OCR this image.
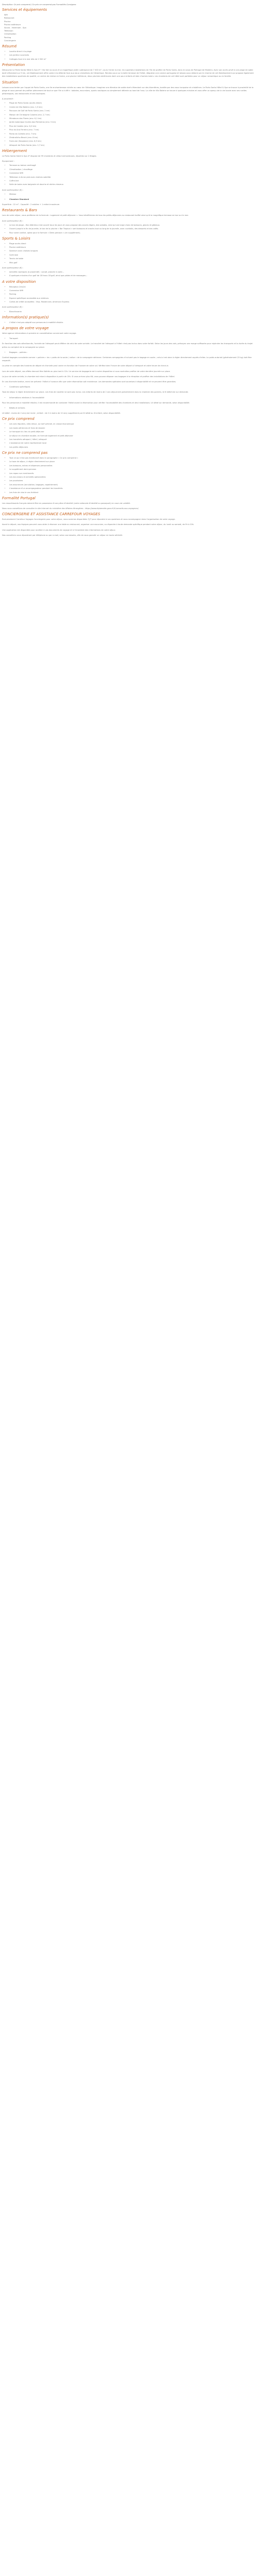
Description: Ce prix comprend / Ce prix ne comprend pas Formalités Consignes

Services et équipements
Wifi
Restaurant
Piscine
Piscine extérieure
Sauna - Hammam - Spa
Télévision
Climatisation
Parking
Conciergerie
Résumé
• Locatio direct à la plage
• Les jardins luxuriants
• Cottages face à la mer dès de 2 500 m²
Présentation

Découvrez Le Porte Santa Hôtel & Spa 4* ! Via fait na cours d'un magnifique jardin subtropical de 7 000 m², cours l'entre la mer, les superbes installations de l'île de profiter de Porto Santo, dans le corps de Portugal de Madeira. Avec son accès privé à une plage de sable doré s'étendant sur 9 km, cet établissement offre cadre à la détente face aux eaux cristallines de l'Atlantique. Rendez-vous sur la belle terrasse de l'hôtel, dégustez une cuisine portugaise et laissez-vous séduire par le charme de cet établissement qui propose également des installations sportives de qualité, un centre de remise en forme, une piscine intérieure, deux piscines extérieures dont une pour enfants et bien d'autres loisirs. Les chambres de cet hôtel sont parfaites pour un séjour romantique ou en famille.

Situation

Laissez-vous tenter par l'appel de Porto Santo, une île enchanteresse nichée au cœur de l'Atlantique. Imaginez une étendue de sable doré s'étendant sur des kilomètres, bordée par des eaux turquoise et cristallines. Le Porto Santo Hôtel & Spa se trouve à proximité de la plage et vous permet de profiter pleinement de tout ce que l'île a à offrir : balades, excursions, sports nautiques ou simplement détente au bord de l'eau. La ville de Vila Baleira se trouve à quelques minutes et vous offre un aperçu de la vie locale avec ses ruelles pittoresques, ses restaurants et ses boutiques.

A proximité :

• Plage de Porto Santo (accès direct)
• Centre de Vila Baleira (env. 1,5 km)
• Parcours de Golf de Porto Santo (env. 2 km)
• Maison de Christophe Colomb (env. 2,7 km)
• Miradouro das Flores (env. 6,1 km)
• Jardin botanique Quinta das Palmeiras (env. 5 km)
• Pico de Castelo (env. 6,3 km)
• Pico do Ana Ferreira (env. 7 km)
• Ponta da Calheta (env. 7 km)
• Zimbralinho Beach (env. 8 km)
• Funicular (Seaplane) (env. 8,5 km)
• Aéroport de Porto Santo (env. 2,7 km)
Hébergement

Le Porto Santo Hotel & Spa 4* dispose de 99 chambres et villas harmonieuses, réparties sur 2 étages.

Équipement :

• Terrasse ou balcon aménagé
• Climatisation / chauffage
• Connexion Wifi
• Télévision à écran plat avec chaînes satellite
• Coffre-fort
• Salle de bains avec baignoire et douche et sèche-cheveux

Avec participation (€) :

• Minibar
• Chambre Standard

Superficie : 22 m² - Capacité : 2 adultes + 1 enfant maximum

Restaurants & Bars

Lors de votre séjour, vous profiterez de la formule : Logement et petit-déjeuner ». Vous bénéficierez de tous les petits-déjeuners au restaurant buffet ainsi qu'à la magnifique terrasse en bar sur le mer.

Avec participation (€) :

• Le bar de plage – Bar Atlântico s'est ouvert tous les jours et vous propose des snacks légers, des salades, ainsi qu'une large choix de boissons, glaces et gâteaux.
• Ouvert jusqu'à la fin de journée, le bar de la piscine « Bar Tropical » sert boissons et snacks tout au long de la journée, avec cocktails, des desserts et des cafés.
• Pour votre confort, optez pour la formule « Demi-pension » (en supplément).
Sports & Loisirs
• Plage accès direct
• Piscine extérieure
• Solarium avec chaises longues
• Gymnase
• Tennis de table
• Mini-golf

Avec participation (€) :

• Activités nautiques (à proximité) : canoë, planche à voile...
• À quelques minutes d'un golf de 18 trous 18 golf, ainsi que pistes et de massages...
A votre disposition
• Réception 24h/24
• Connexion Wifi
• Parking
• Espace spécifique accessible aux visiteurs
• Cartes de crédit acceptées : Visa, Mastercard, American Express

Avec participation (€) :

• Blanchisserie
Information(s) pratique(s)
• L'hôtel n'est pas adapté aux personnes à mobilité réduite.
A propos de votre voyage

Votre agence informations à prendre en considération concernant votre voyage.

• Transport

En fonction des vols sélectionnés, l'arrivée de l'aéroport peut différer de celui de votre arrivée. Le transfert de l'aéroport à l'hôtel n'est pas inclus dans votre forfait. Selon les jours des vols, prévoyez une marge suffisante pour rejoindre les transports et la durée du trajet prévu au comptoir de la compagnie sur place.

• Bagages – policies :

Contrat bagages cumulable comme « policies » les « poids de la soute / valise » de la compagnie aérienne. Certaines compagnies n'incluent pas le bagage en soute ; celui-ci est alors à régler directement auprès d'elles. Le poids autorisé (généralement 23 kg) doit être respecté.

La prise en compte des horaires de départ et d'arrivée peut varier en fonction de l'horaire de votre vol. Vérifiez bien l'heure de votre départ à l'aéroport et votre heure de check-in.

Lors de votre départ, vos effets devront être libérés au plus tard à 12h. Un service de bagagerie est à votre disposition si vous souhaitez profiter de votre dernière journée sur place.

Le jour de votre arrivée, la chambre est mise à disposition à partir de 15h. Si vous arrivez plus tôt, vous pouvez déposer vos bagages à la réception et profiter des installations de l'hôtel.

En cas d'arrivée tardive, merci de prévenir l'hôtel à l'avance afin que votre réservation soit maintenue. Les demandes spéciales sont soumises à disponibilité et ne peuvent être garanties.

• Conditions spécifiques

Taxe de séjour à régler directement sur place. Les frais de navette ne sont pas inclus. Les enfants de moins de 2 ans séjournent gratuitement dans la chambre des parents, le lit bébé est sur demande.

• Informations relatives à l'accessibilité

Pour les personnes à mobilité réduite, il est recommandé de contacter l'hôtel avant la réservation pour vérifier l'accessibilité des chambres et des installations. Lit bébé sur demande, selon disponibilité.

• Bébés et enfants

Lit bébé : moins de 2 ans) est inclut ; enfant : de 2 à moins de 12 ans) supplément par lit bébé ou lit enfant, selon disponibilité.

Ce prix comprend
• Les vols réguliers, aller-retour, au tarif précisé, en classe économique
• Les taxes aériennes et frais de dossier
• Le transport du lieu du petit-déjeuner
• Le séjour en chambre double, en formule logement et petit-déjeuner
• Les transferts aéroport / hôtel / aéroport
• L'assistance de notre représentant local
• Les petits déjeuners
Ce prix ne comprend pas
• Tout ce qui n'est pas mentionné dans le paragraphe « Ce prix comprend »
• La taxe de séjour, à régler directement sur place
• Les boissons, extras et dépenses personnelles
• Le supplément demi-pension
• Les repas non mentionnés
• Les excursions et activités optionnelles
• Les pourboires
• Les assurances (annulation, bagages, rapatriement)
• L'assistance d'un accompagnateur pendant les transferts
• Les frais de visa le cas échéant
Formalité Portugal

Les ressortissants français doivent être en possession d'une pièce d'identité (carte nationale d'identité ou passeport) en cours de validité.

Nous vous conseillons de consulter le site internet du ministère des Affaires étrangères : https://www.diplomatie.gouv.fr/fr/conseils-aux-voyageurs/

CONCIERGERIE ET ASSISTANCE CARREFOUR VOYAGES

Exclusivement Carrefour Voyages Conciergerie pour votre séjour, nous sommes disponibles 7j/7 pour répondre à vos questions et vous accompagner dans l'organisation de votre voyage.

Avant le départ, nos équipes peuvent vous aider à réserver une table au restaurant, organiser une excursion, ou répondre à toute demande spécifique pendant votre séjour, du lundi au samedi, de 9h à 20h.

Une application est disponible pour accéder à vos documents de voyage et à l'ensemble des informations de votre séjour.

Nos conseillers vous répondront par téléphone ou par e-mail, selon vos besoins, afin de vous garantir un séjour en toute sérénité.
